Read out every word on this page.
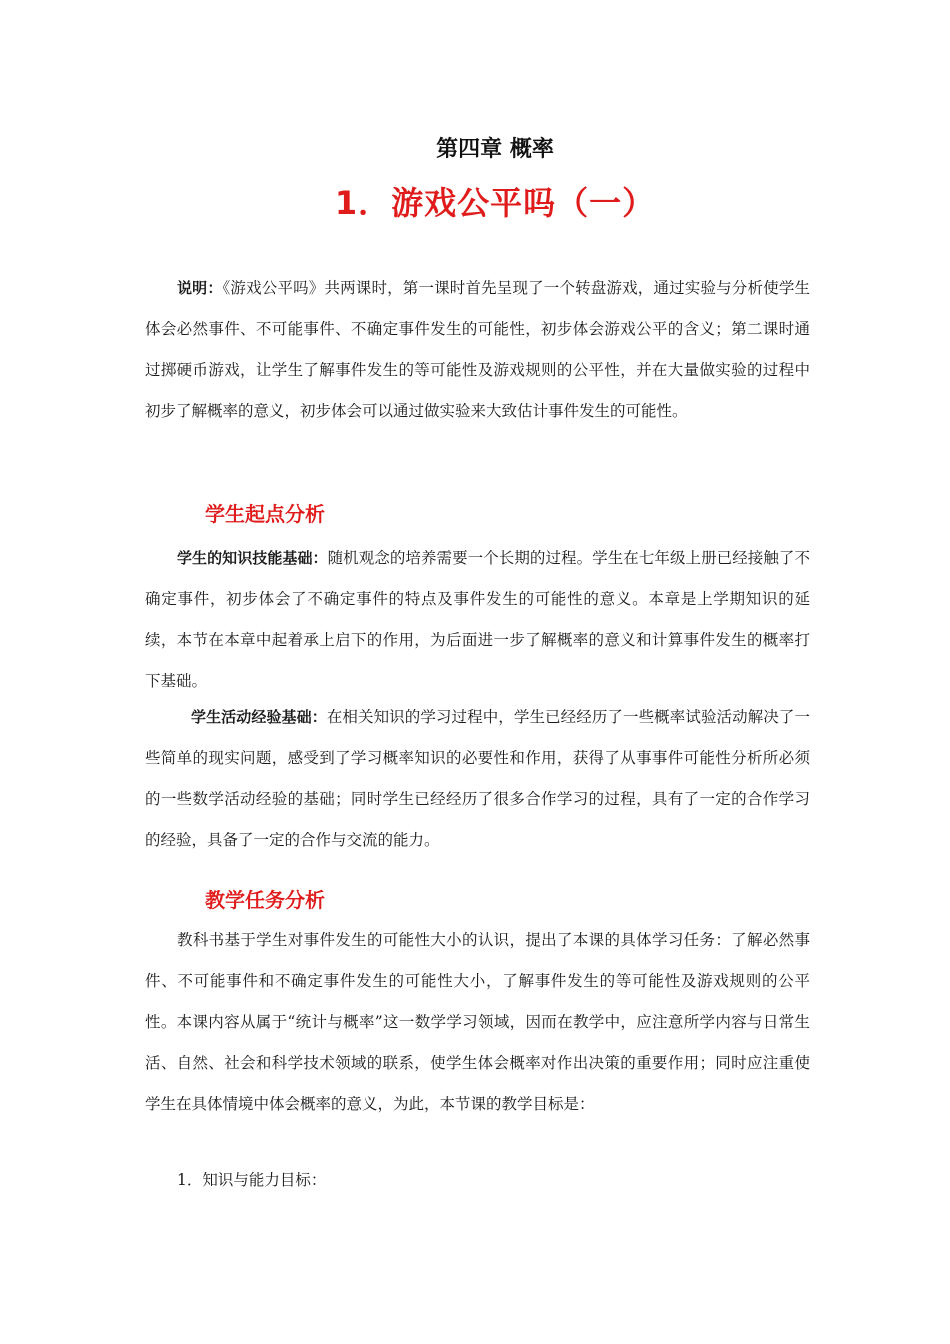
第四章 概率
1．游戏公平吗（一）

说明：《游戏公平吗》共两课时，第一课时首先呈现了一个转盘游戏，通过实验与分析使学生体会必然事件、不可能事件、不确定事件发生的可能性，初步体会游戏公平的含义；第二课时通过掷硬币游戏，让学生了解事件发生的等可能性及游戏规则的公平性，并在大量做实验的过程中初步了解概率的意义，初步体会可以通过做实验来大致估计事件发生的可能性。

学生起点分析

学生的知识技能基础：随机观念的培养需要一个长期的过程。学生在七年级上册已经接触了不确定事件，初步体会了不确定事件的特点及事件发生的可能性的意义。本章是上学期知识的延续，本节在本章中起着承上启下的作用，为后面进一步了解概率的意义和计算事件发生的概率打下基础。

学生活动经验基础：在相关知识的学习过程中，学生已经经历了一些概率试验活动解决了一些简单的现实问题，感受到了学习概率知识的必要性和作用，获得了从事事件可能性分析所必须的一些数学活动经验的基础；同时学生已经经历了很多合作学习的过程，具有了一定的合作学习的经验，具备了一定的合作与交流的能力。

教学任务分析

教科书基于学生对事件发生的可能性大小的认识，提出了本课的具体学习任务：了解必然事件、不可能事件和不确定事件发生的可能性大小，了解事件发生的等可能性及游戏规则的公平性。本课内容从属于“统计与概率”这一数学学习领域，因而在教学中，应注意所学内容与日常生活、自然、社会和科学技术领域的联系，使学生体会概率对作出决策的重要作用；同时应注重使学生在具体情境中体会概率的意义，为此，本节课的教学目标是：

1．知识与能力目标：
